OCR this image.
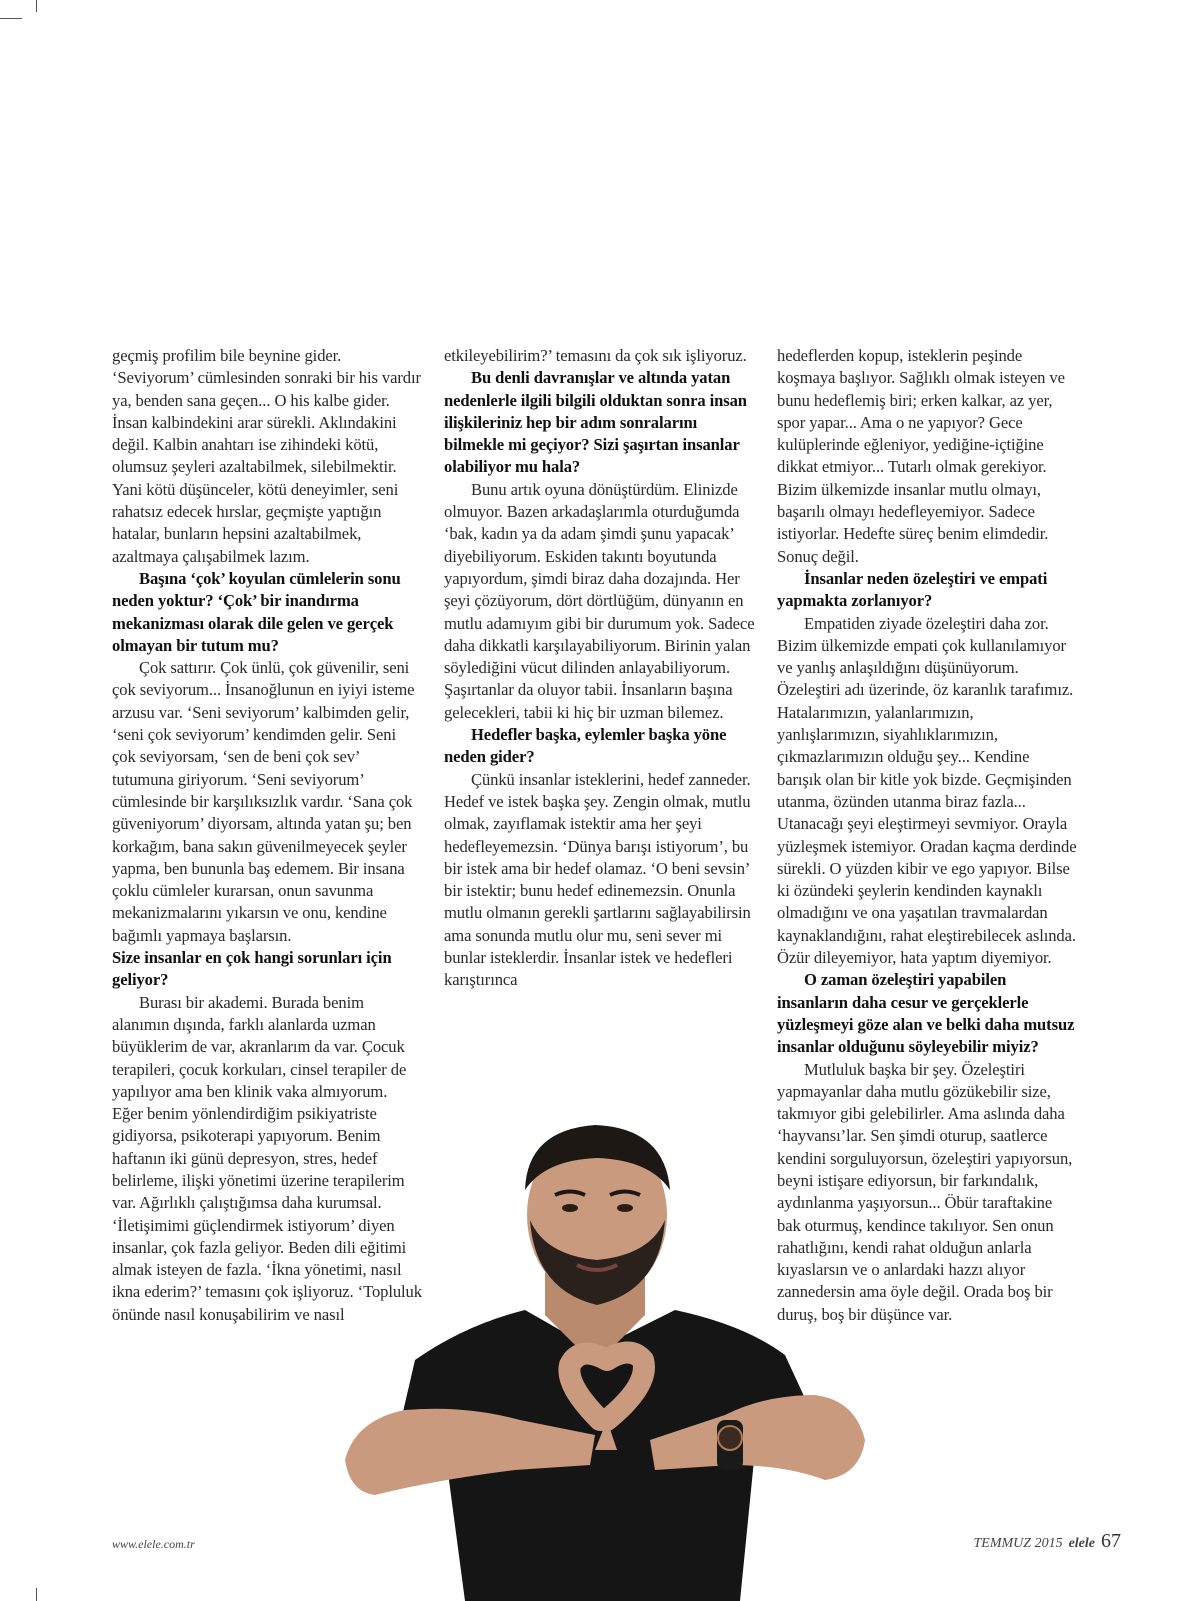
geçmiş profilim bile beynine gider. ‘Seviyorum’ cümlesinden sonraki bir his vardır ya, benden sana geçen... O his kalbe gider. İnsan kalbindekini arar sürekli. Aklındakini değil. Kalbin anahtarı ise zihindeki kötü, olumsuz şeyleri azaltabilmek, silebilmektir. Yani kötü düşünceler, kötü deneyimler, seni rahatsız edecek hırslar, geçmişte yaptığın hatalar, bunların hepsini azaltabilmek, azaltmaya çalışabilmek lazım.

Başına ‘çok’ koyulan cümlelerin sonu neden yoktur? ‘Çok’ bir inandırma mekanizması olarak dile gelen ve gerçek olmayan bir tutum mu?

Çok sattırır. Çok ünlü, çok güvenilir, seni çok seviyorum... İnsanoğlunun en iyiyi isteme arzusu var. ‘Seni seviyorum’ kalbimden gelir, ‘seni çok seviyorum’ kendimden gelir. Seni çok seviyorsam, ‘sen de beni çok sev’ tutumuna giriyorum. ‘Seni seviyorum’ cümlesinde bir karşılıksızlık vardır. ‘Sana çok güveniyorum’ diyorsam, altında yatan şu; ben korkağım, bana sakın güvenilmeyecek şeyler yapma, ben bununla baş edemem. Bir insana çoklu cümleler kurarsan, onun savunma mekanizmalarını yıkarsın ve onu, kendine bağımlı yapmaya başlarsın.

Size insanlar en çok hangi sorunları için geliyor?

Burası bir akademi. Burada benim alanımın dışında, farklı alanlarda uzman büyüklerim de var, akranlarım da var. Çocuk terapileri, çocuk korkuları, cinsel terapiler de yapılıyor ama ben klinik vaka almıyorum. Eğer benim yönlendirdiğim psikiyatriste gidiyorsa, psikoterapi yapıyorum. Benim haftanın iki günü depresyon, stres, hedef belirleme, ilişki yönetimi üzerine terapilerim var. Ağırlıklı çalıştığımsa daha kurumsal. ‘İletişimimi güçlendirmek istiyorum’ diyen insanlar, çok fazla geliyor. Beden dili eğitimi almak isteyen de fazla. ‘İkna yönetimi, nasıl ikna ederim?’ temasını çok işliyoruz. ‘Topluluk önünde nasıl konuşabilirim ve nasıl

etkileyebilirim?’ temasını da çok sık işliyoruz.

Bu denli davranışlar ve altında yatan nedenlerle ilgili bilgili olduktan sonra insan ilişkileriniz hep bir adım sonralarını bilmekle mi geçiyor? Sizi şaşırtan insanlar olabiliyor mu hala?

Bunu artık oyuna dönüştürdüm. Elinizde olmuyor. Bazen arkadaşlarımla oturduğumda ‘bak, kadın ya da adam şimdi şunu yapacak’ diyebiliyorum. Eskiden takıntı boyutunda yapıyordum, şimdi biraz daha dozajında. Her şeyi çözüyorum, dört dörtlüğüm, dünyanın en mutlu adamıyım gibi bir durumum yok. Sadece daha dikkatli karşılayabiliyorum. Birinin yalan söylediğini vücut dilinden anlayabiliyorum. Şaşırtanlar da oluyor tabii. İnsanların başına gelecekleri, tabii ki hiç bir uzman bilemez.

Hedefler başka, eylemler başka yöne neden gider?

Çünkü insanlar isteklerini, hedef zanneder. Hedef ve istek başka şey. Zengin olmak, mutlu olmak, zayıflamak istektir ama her şeyi hedefleyemezsin. ‘Dünya barışı istiyorum’, bu bir istek ama bir hedef olamaz. ‘O beni sevsin’ bir istektir; bunu hedef edinemezsin. Onunla mutlu olmanın gerekli şartlarını sağlayabilirsin ama sonunda mutlu olur mu, seni sever mi bunlar isteklerdir. İnsanlar istek ve hedefleri karıştırınca

hedeflerden kopup, isteklerin peşinde koşmaya başlıyor. Sağlıklı olmak isteyen ve bunu hedeflemiş biri; erken kalkar, az yer, spor yapar... Ama o ne yapıyor? Gece kulüplerinde eğleniyor, yediğine-içtiğine dikkat etmiyor... Tutarlı olmak gerekiyor. Bizim ülkemizde insanlar mutlu olmayı, başarılı olmayı hedefleyemiyor. Sadece istiyorlar. Hedefte süreç benim elimdedir. Sonuç değil.

İnsanlar neden özeleştiri ve empati yapmakta zorlanıyor?

Empatiden ziyade özeleştiri daha zor. Bizim ülkemizde empati çok kullanılamıyor ve yanlış anlaşıldığını düşünüyorum. Özeleştiri adı üzerinde, öz karanlık tarafımız. Hatalarımızın, yalanlarımızın, yanlışlarımızın, siyahlıklarımızın, çıkmazlarımızın olduğu şey... Kendine barışık olan bir kitle yok bizde. Geçmişinden utanma, özünden utanma biraz fazla... Utanacağı şeyi eleştirmeyi sevmiyor. Orayla yüzleşmek istemiyor. Oradan kaçma derdinde sürekli. O yüzden kibir ve ego yapıyor. Bilse ki özündeki şeylerin kendinden kaynaklı olmadığını ve ona yaşatılan travmalardan kaynaklandığını, rahat eleştirebilecek aslında. Özür dileyemiyor, hata yaptım diyemiyor.

O zaman özeleştiri yapabilen insanların daha cesur ve gerçeklerle yüzleşmeyi göze alan ve belki daha mutsuz insanlar olduğunu söyleyebilir miyiz?

Mutluluk başka bir şey. Özeleştiri yapmayanlar daha mutlu gözükebilir size, takmıyor gibi gelebilirler. Ama aslında daha ‘hayvansı’lar. Sen şimdi oturup, saatlerce kendini sorguluyorsun, özeleştiri yapıyorsun, beyni istişare ediyorsun, bir farkındalık, aydınlanma yaşıyorsun... Öbür taraftakine bak oturmuş, kendince takılıyor. Sen onun rahatlığını, kendi rahat olduğun anlarla kıyaslarsın ve o anlardaki hazzı alıyor zannedersin ama öyle değil. Orada boş bir duruş, boş bir düşünce var.

www.elele.com.tr	TEMMUZ 2015 elele 67
